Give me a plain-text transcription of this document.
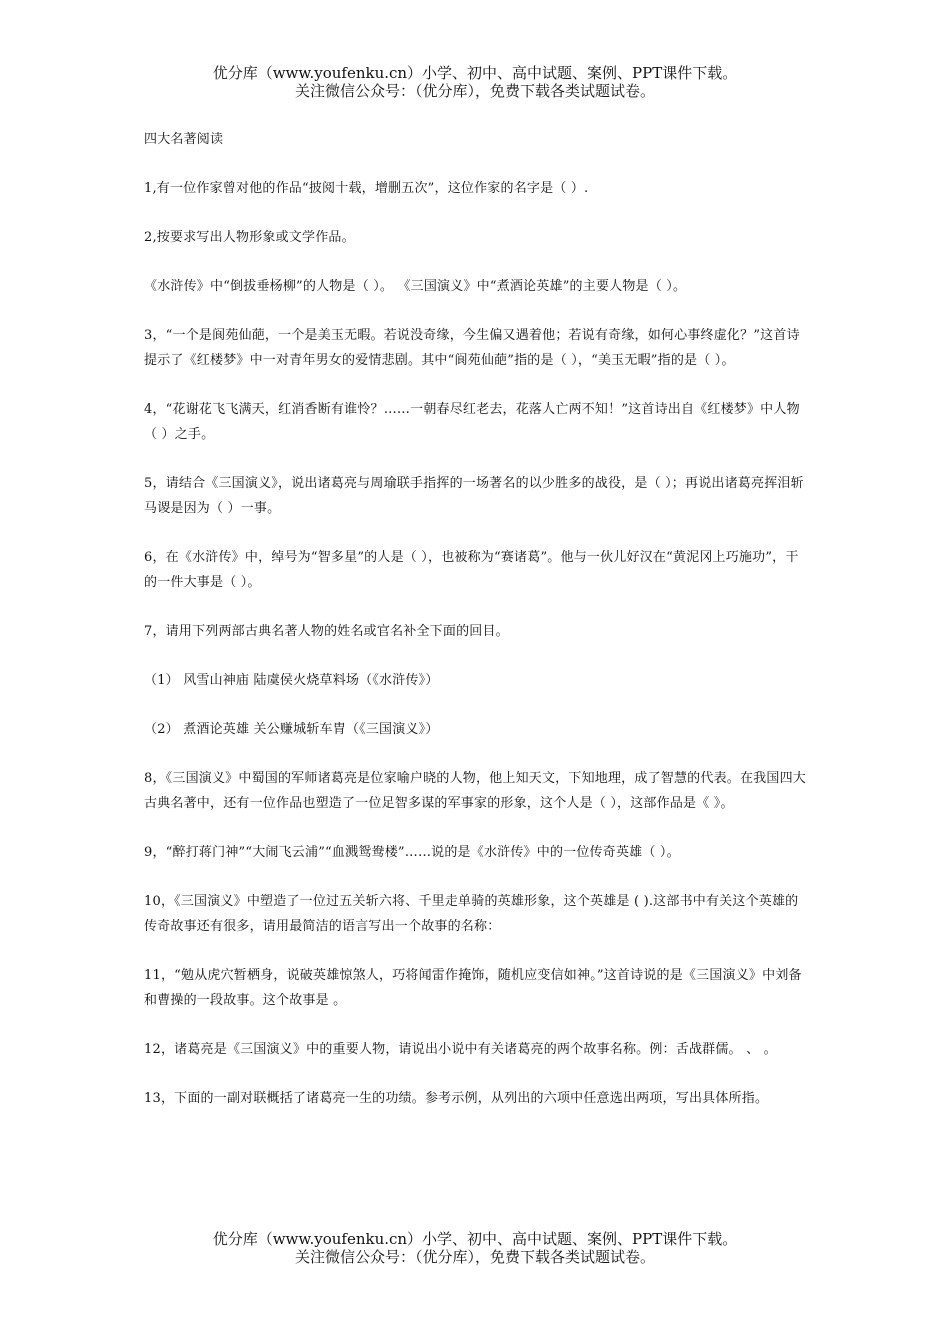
优分库（www.youfenku.cn）小学、初中、高中试题、案例、PPT课件下载。
关注微信公众号：（优分库），免费下载各类试题试卷。

四大名著阅读

1,有一位作家曾对他的作品“披阅十载，增删五次”，这位作家的名字是（ ）.

2,按要求写出人物形象或文学作品。

《水浒传》中“倒拔垂杨柳”的人物是（ ）。 《三国演义》中“煮酒论英雄”的主要人物是（ ）。

3，“一个是阆苑仙葩，一个是美玉无暇。若说没奇缘，今生偏又遇着他；若说有奇缘，如何心事终虚化？”这首诗提示了《红楼梦》中一对青年男女的爱情悲剧。其中“阆苑仙葩”指的是（ ），“美玉无暇”指的是（ ）。

4，“花谢花飞飞满天，红消香断有谁怜？……一朝春尽红老去，花落人亡两不知！”这首诗出自《红楼梦》中人物（ ）之手。

5，请结合《三国演义》，说出诸葛亮与周瑜联手指挥的一场著名的以少胜多的战役，是（ ）；再说出诸葛亮挥泪斩马谡是因为（ ）一事。

6，在《水浒传》中，绰号为“智多星”的人是（ ），也被称为“赛诸葛”。他与一伙儿好汉在“黄泥冈上巧施功”，干的一件大事是（ ）。

7，请用下列两部古典名著人物的姓名或官名补全下面的回目。

（1） 风雪山神庙 陆虞侯火烧草料场（《水浒传》）

（2） 煮酒论英雄 关公赚城斩车胄（《三国演义》）

8，《三国演义》中蜀国的军师诸葛亮是位家喻户晓的人物，他上知天文，下知地理，成了智慧的代表。在我国四大古典名著中，还有一位作品也塑造了一位足智多谋的军事家的形象，这个人是（ ），这部作品是《 》。

9，“醉打蒋门神”“大闹飞云浦”“血溅鸳鸯楼”……说的是《水浒传》中的一位传奇英雄（ ）。

10，《三国演义》中塑造了一位过五关斩六将、千里走单骑的英雄形象，这个英雄是 ( ).这部书中有关这个英雄的传奇故事还有很多，请用最简洁的语言写出一个故事的名称：

11，“勉从虎穴暂栖身，说破英雄惊煞人，巧将闻雷作掩饰，随机应变信如神。”这首诗说的是《三国演义》中刘备和曹操的一段故事。这个故事是 。

12，诸葛亮是《三国演义》中的重要人物，请说出小说中有关诸葛亮的两个故事名称。例：舌战群儒。 、 。

13，下面的一副对联概括了诸葛亮一生的功绩。参考示例，从列出的六项中任意选出两项，写出具体所指。

优分库（www.youfenku.cn）小学、初中、高中试题、案例、PPT课件下载。
关注微信公众号：（优分库），免费下载各类试题试卷。
